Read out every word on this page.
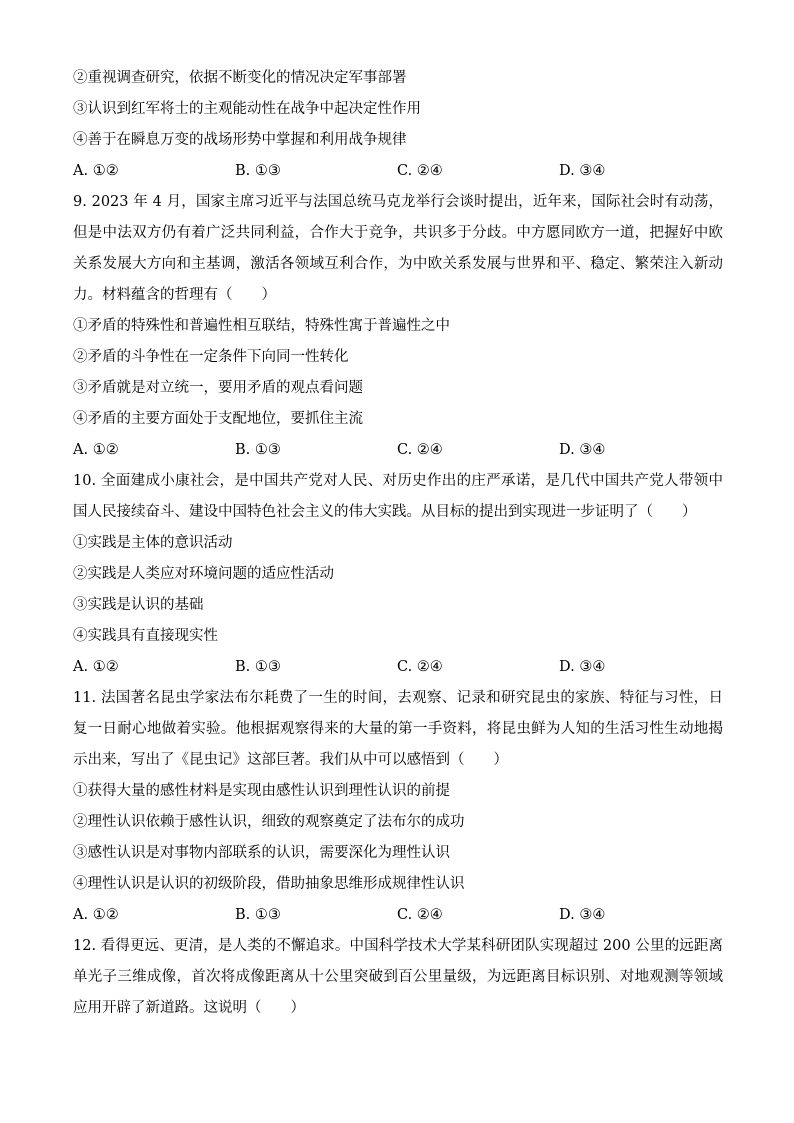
②重视调查研究，依据不断变化的情况决定军事部署
③认识到红军将士的主观能动性在战争中起决定性作用
④善于在瞬息万变的战场形势中掌握和利用战争规律
A. ①②	B. ①③	C. ②④	D. ③④
9. 2023 年 4 月，国家主席习近平与法国总统马克龙举行会谈时提出，近年来，国际社会时有动荡，但是中法双方仍有着广泛共同利益，合作大于竞争，共识多于分歧。中方愿同欧方一道，把握好中欧关系发展大方向和主基调，激活各领域互利合作，为中欧关系发展与世界和平、稳定、繁荣注入新动力。材料蕴含的哲理有（　　）
①矛盾的特殊性和普遍性相互联结，特殊性寓于普遍性之中
②矛盾的斗争性在一定条件下向同一性转化
③矛盾就是对立统一，要用矛盾的观点看问题
④矛盾的主要方面处于支配地位，要抓住主流
A. ①②	B. ①③	C. ②④	D. ③④
10. 全面建成小康社会，是中国共产党对人民、对历史作出的庄严承诺，是几代中国共产党人带领中国人民接续奋斗、建设中国特色社会主义的伟大实践。从目标的提出到实现进一步证明了（　　）
①实践是主体的意识活动
②实践是人类应对环境问题的适应性活动
③实践是认识的基础
④实践具有直接现实性
A. ①②	B. ①③	C. ②④	D. ③④
11. 法国著名昆虫学家法布尔耗费了一生的时间，去观察、记录和研究昆虫的家族、特征与习性，日复一日耐心地做着实验。他根据观察得来的大量的第一手资料，将昆虫鲜为人知的生活习性生动地揭示出来，写出了《昆虫记》这部巨著。我们从中可以感悟到（　　）
①获得大量的感性材料是实现由感性认识到理性认识的前提
②理性认识依赖于感性认识，细致的观察奠定了法布尔的成功
③感性认识是对事物内部联系的认识，需要深化为理性认识
④理性认识是认识的初级阶段，借助抽象思维形成规律性认识
A. ①②	B. ①③	C. ②④	D. ③④
12. 看得更远、更清，是人类的不懈追求。中国科学技术大学某科研团队实现超过 200 公里的远距离单光子三维成像，首次将成像距离从十公里突破到百公里量级，为远距离目标识别、对地观测等领域应用开辟了新道路。这说明（　　）
